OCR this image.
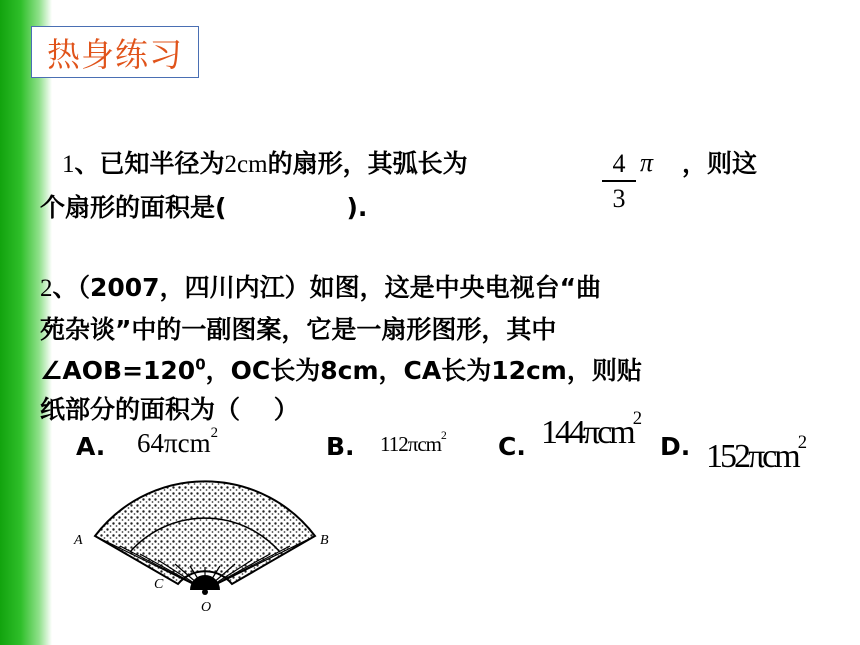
热身练习
1、已知半径为2cm的扇形，其弧长为	4
3
π ，则这
个扇形的面积是(	).
2、（2007，四川内江）如图，这是中央电视台“曲
苑杂谈”中的一副图案，它是一扇形图形，其中
$\angle AOB=120^0$，OC长为8cm，CA长为12cm，则贴
纸部分的面积为（　 ）
A. 64πcm$^2$	B. 112πcm$^2$ C. 144πcm$^2$
D. 152πcm$^2$
A	B
C
O
